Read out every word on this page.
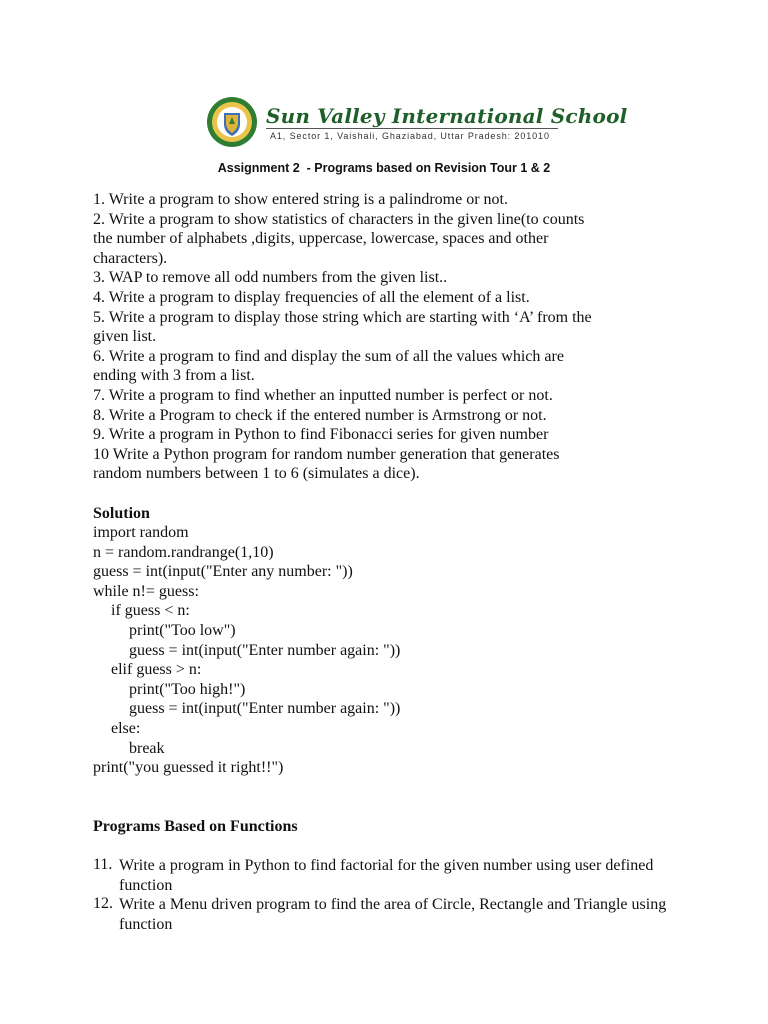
Sun Valley International School
A1, Sector 1, Vaishali, Ghaziabad, Uttar Pradesh: 201010
Assignment 2  - Programs based on Revision Tour 1 & 2
1. Write a program to show entered string is a palindrome or not.
2. Write a program to show statistics of characters in the given line(to counts
the number of alphabets ,digits, uppercase, lowercase, spaces and other
characters).
3. WAP to remove all odd numbers from the given list..
4. Write a program to display frequencies of all the element of a list.
5. Write a program to display those string which are starting with ‘A’ from the
given list.
6. Write a program to find and display the sum of all the values which are
ending with 3 from a list.
7. Write a program to find whether an inputted number is perfect or not.
8. Write a Program to check if the entered number is Armstrong or not.
9. Write a program in Python to find Fibonacci series for given number
10 Write a Python program for random number generation that generates
random numbers between 1 to 6 (simulates a dice).
Solution
import random
n = random.randrange(1,10)
guess = int(input("Enter any number: "))
while n!= guess:
if guess < n:
print("Too low")
guess = int(input("Enter number again: "))
elif guess > n:
print("Too high!")
guess = int(input("Enter number again: "))
else:
break
print("you guessed it right!!")
Programs Based on Functions
11. Write a program in Python to find factorial for the given number using user defined function
12. Write a Menu driven program to find the area of Circle, Rectangle and Triangle using function
